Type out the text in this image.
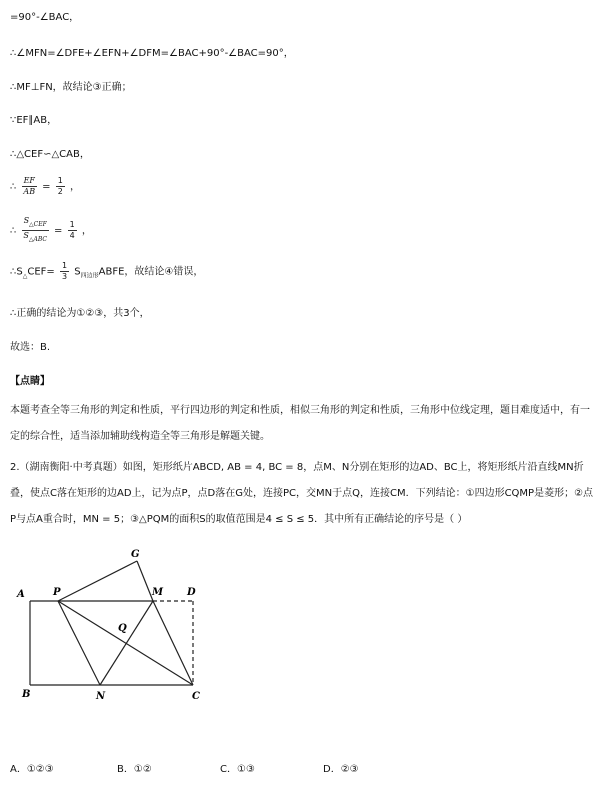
=90°-∠BAC，
∴∠MFN=∠DFE+∠EFN+∠DFM=∠BAC+90°-∠BAC=90°，
∴MF⊥FN，故结论③正确；
∵EF∥AB，
∴△CEF∽△CAB，
∴ $\frac{EF}{AB} = \frac{1}{2}$ ，
∴ $\frac{S_{\triangle CEF}}{S_{\triangle ABC}} = \frac{1}{4}$ ，
$\therefore S_\triangle CEF= \frac{1}{3}$ $S_{四边形}ABFE$，故结论④错误，
∴正确的结论为①②③，共3个，
故选：B.
【点睛】
本题考查全等三角形的判定和性质，平行四边形的判定和性质，相似三角形的判定和性质，三角形中位线定理，题目难度适中，有一定的综合性，适当添加辅助线构造全等三角形是解题关键。
2.（湖南衡阳·中考真题）如图，矩形纸片ABCD, AB = 4, BC = 8，点M、N分别在矩形的边AD、BC上，将矩形纸片沿直线MN折叠，使点C落在矩形的边AD上，记为点P，点D落在G处，连接PC，交MN于点Q，连接CM．下列结论：①四边形CQMP是菱形；②点P与点A重合时，MN = 5；③△PQM的面积S的取值范围是4 ≤ S ≤ 5．其中所有正确结论的序号是（ ）
A
B	C
D
G
M
N
P
Q
A．①②③	B．①②	C．①③	D．②③
